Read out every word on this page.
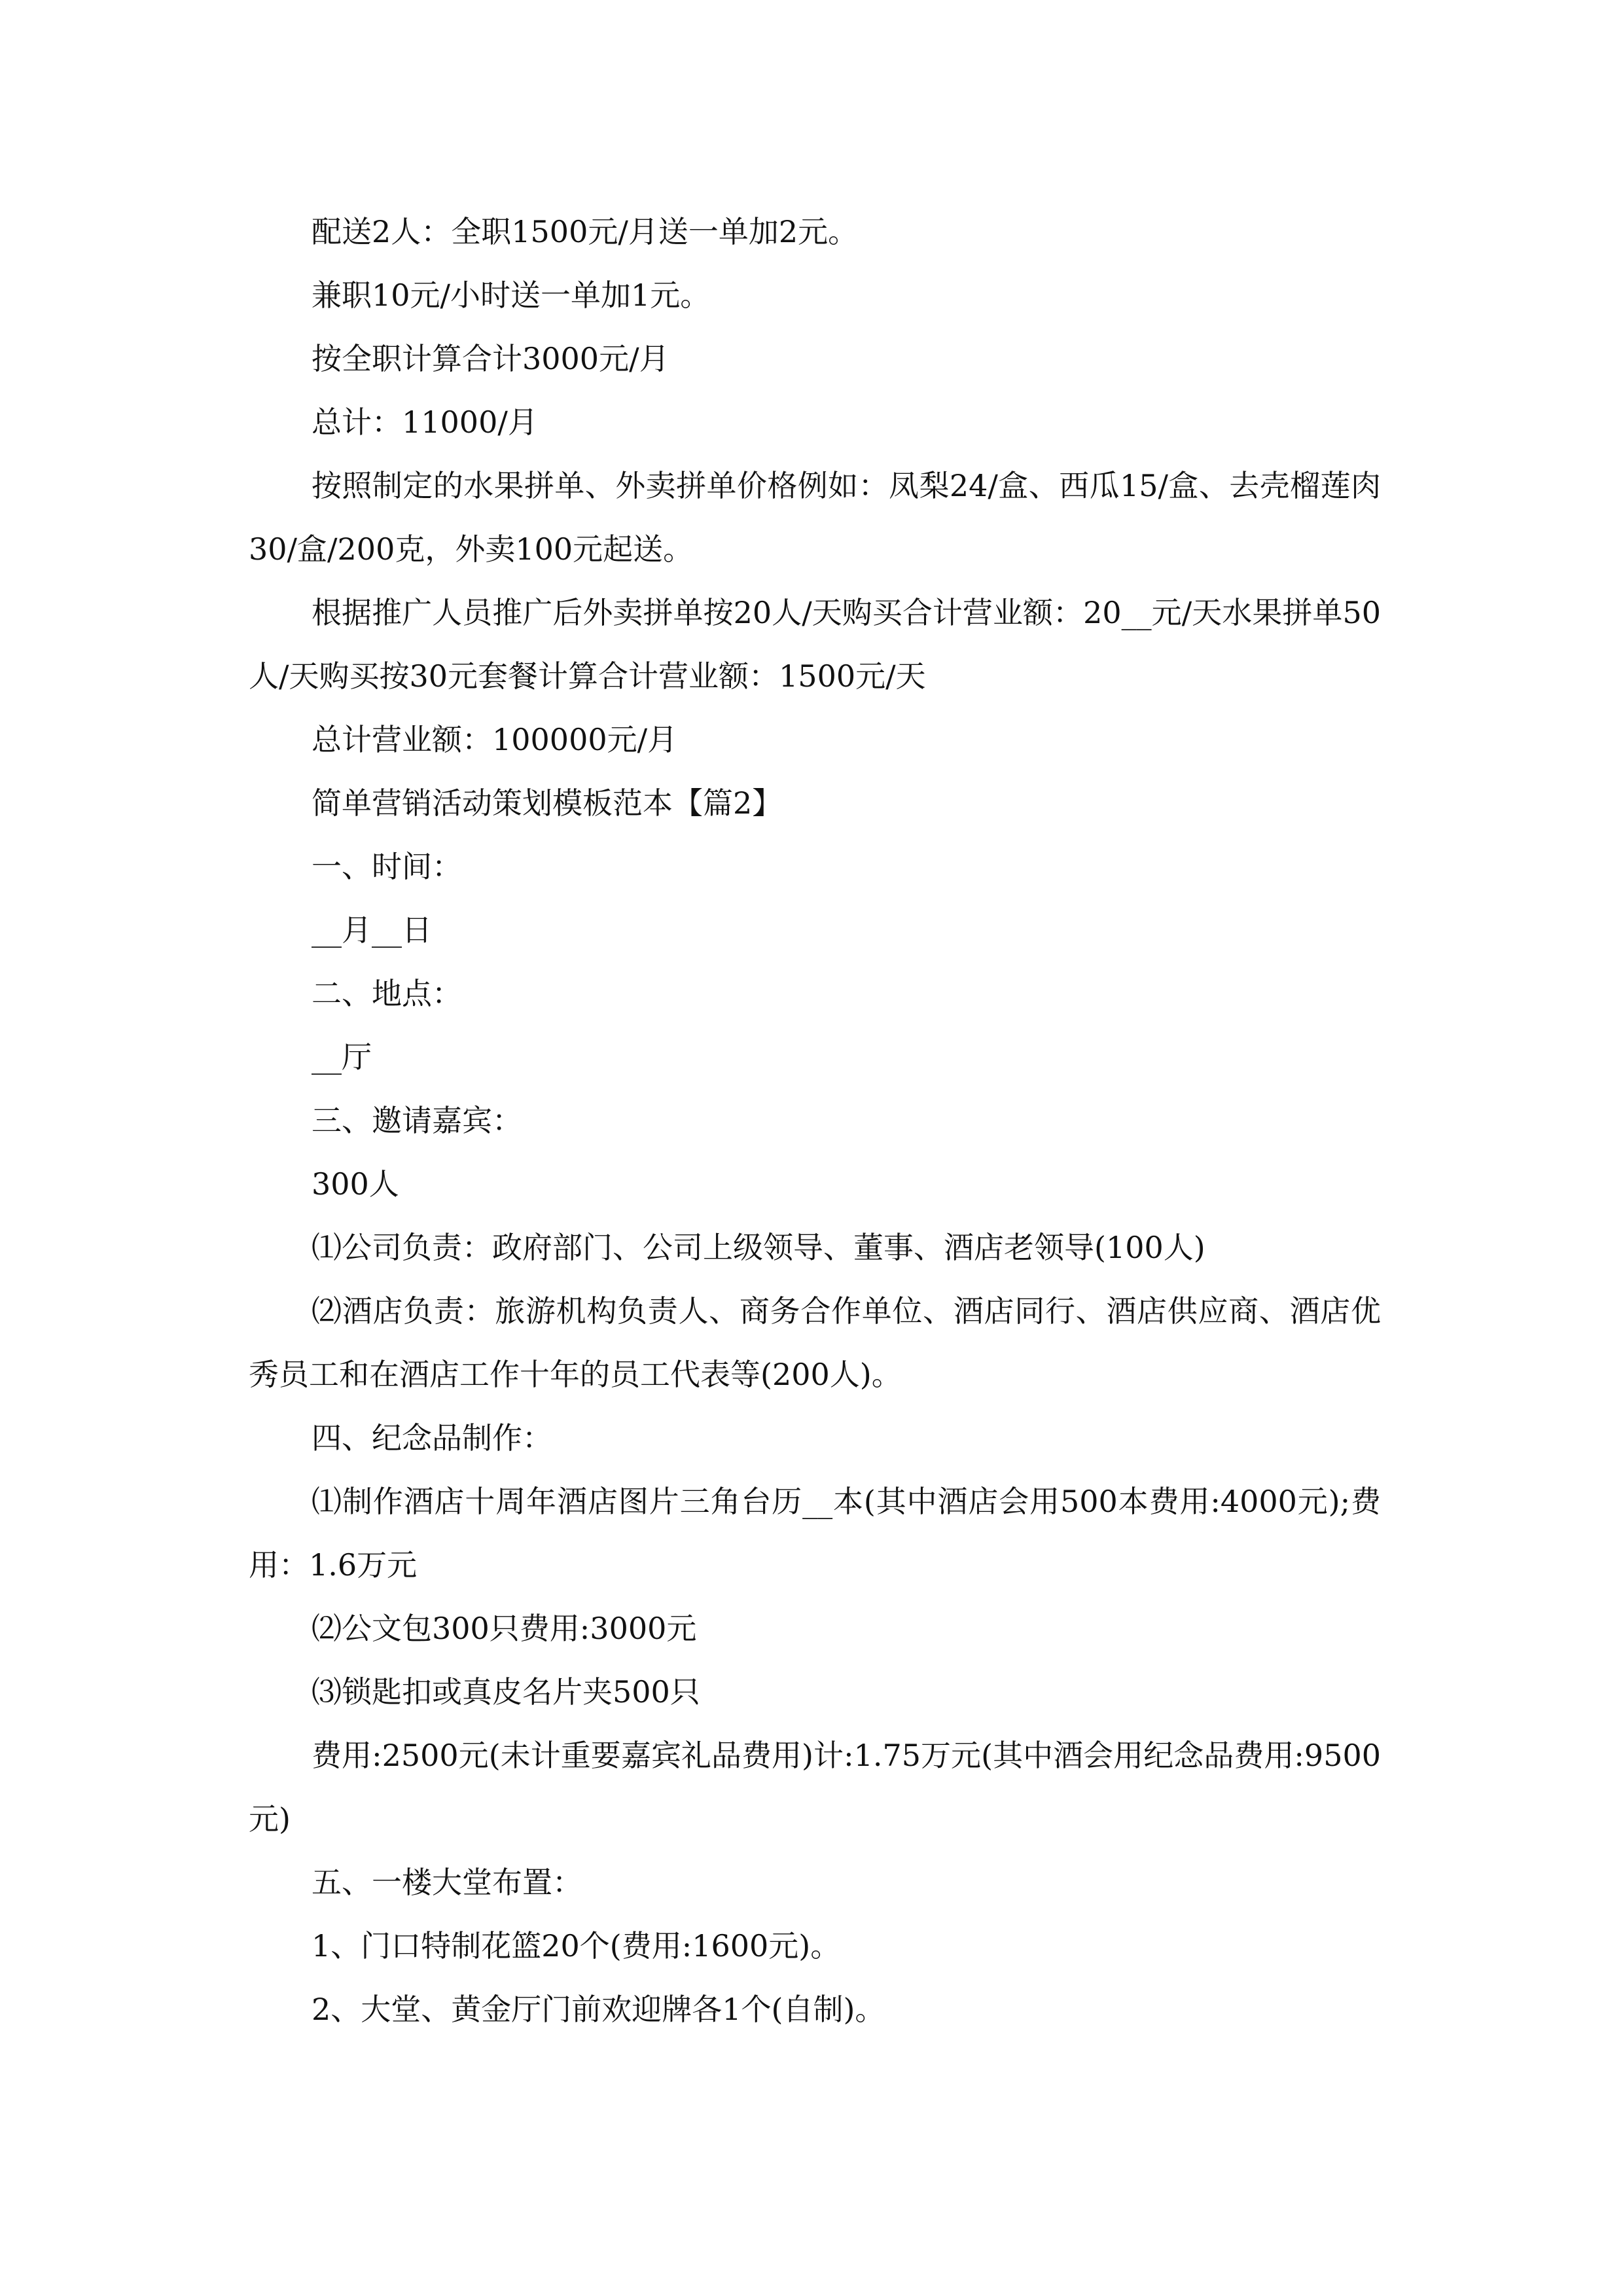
配送2人：全职1500元/月送一单加2元。

兼职10元/小时送一单加1元。

按全职计算合计3000元/月

总计：11000/月

按照制定的水果拼单、外卖拼单价格例如：凤梨24/盒、西瓜15/盒、去壳榴莲肉30/盒/200克，外卖100元起送。

根据推广人员推广后外卖拼单按20人/天购买合计营业额：20__元/天水果拼单50人/天购买按30元套餐计算合计营业额：1500元/天

总计营业额：100000元/月

简单营销活动策划模板范本【篇2】

一、时间：

__月__日

二、地点：

__厅

三、邀请嘉宾：

300人

⑴公司负责：政府部门、公司上级领导、董事、酒店老领导(100人)

⑵酒店负责：旅游机构负责人、商务合作单位、酒店同行、酒店供应商、酒店优秀员工和在酒店工作十年的员工代表等(200人)。

四、纪念品制作：

⑴制作酒店十周年酒店图片三角台历__本(其中酒店会用500本费用:4000元);费用：1.6万元

⑵公文包300只费用:3000元

⑶锁匙扣或真皮名片夹500只

费用:2500元(未计重要嘉宾礼品费用)计:1.75万元(其中酒会用纪念品费用:9500元)

五、一楼大堂布置：

1、门口特制花篮20个(费用:1600元)。

2、大堂、黄金厅门前欢迎牌各1个(自制)。
